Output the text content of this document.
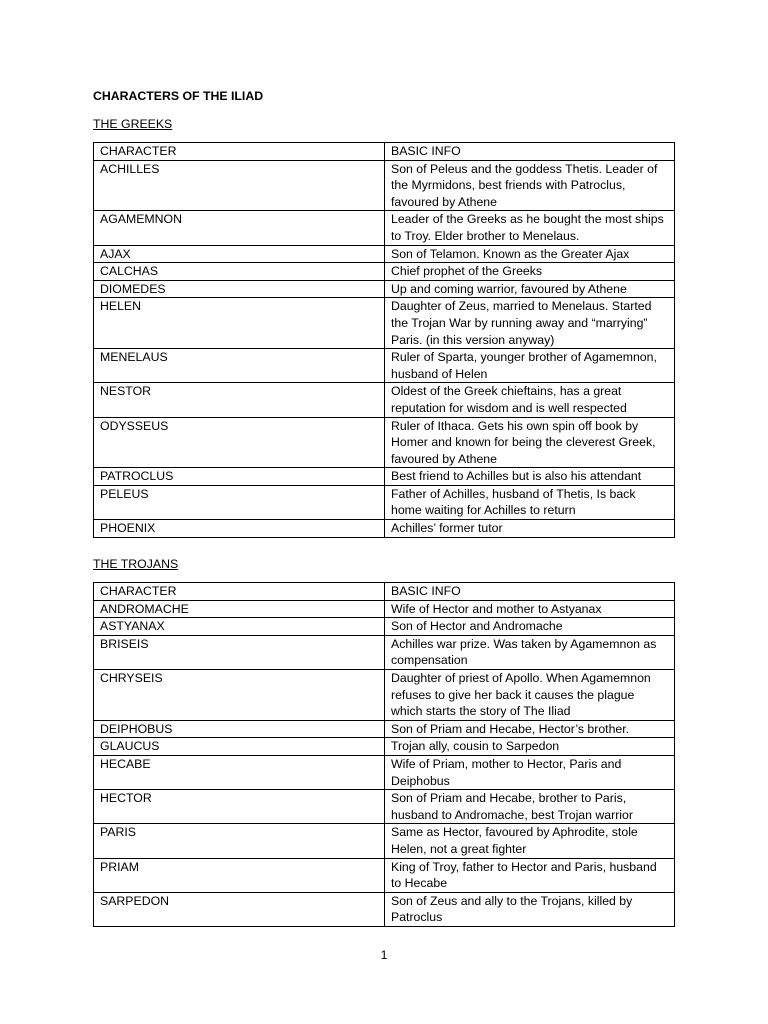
CHARACTERS OF THE ILIAD
THE GREEKS
CHARACTER	BASIC INFO
ACHILLES	Son of Peleus and the goddess Thetis. Leader of the Myrmidons, best friends with Patroclus, favoured by Athene
AGAMEMNON	Leader of the Greeks as he bought the most ships to Troy. Elder brother to Menelaus.
AJAX	Son of Telamon. Known as the Greater Ajax
CALCHAS	Chief prophet of the Greeks
DIOMEDES	Up and coming warrior, favoured by Athene
HELEN	Daughter of Zeus, married to Menelaus. Started the Trojan War by running away and “marrying” Paris. (in this version anyway)
MENELAUS	Ruler of Sparta, younger brother of Agamemnon, husband of Helen
NESTOR	Oldest of the Greek chieftains, has a great reputation for wisdom and is well respected
ODYSSEUS	Ruler of Ithaca. Gets his own spin off book by Homer and known for being the cleverest Greek, favoured by Athene
PATROCLUS	Best friend to Achilles but is also his attendant
PELEUS	Father of Achilles, husband of Thetis, Is back home waiting for Achilles to return
PHOENIX	Achilles’ former tutor
THE TROJANS
CHARACTER	BASIC INFO
ANDROMACHE	Wife of Hector and mother to Astyanax
ASTYANAX	Son of Hector and Andromache
BRISEIS	Achilles war prize. Was taken by Agamemnon as compensation
CHRYSEIS	Daughter of priest of Apollo. When Agamemnon refuses to give her back it causes the plague which starts the story of The Iliad
DEIPHOBUS	Son of Priam and Hecabe, Hector’s brother.
GLAUCUS	Trojan ally, cousin to Sarpedon
HECABE	Wife of Priam, mother to Hector, Paris and Deiphobus
HECTOR	Son of Priam and Hecabe, brother to Paris, husband to Andromache, best Trojan warrior
PARIS	Same as Hector, favoured by Aphrodite, stole Helen, not a great fighter
PRIAM	King of Troy, father to Hector and Paris, husband to Hecabe
SARPEDON	Son of Zeus and ally to the Trojans, killed by Patroclus
1
